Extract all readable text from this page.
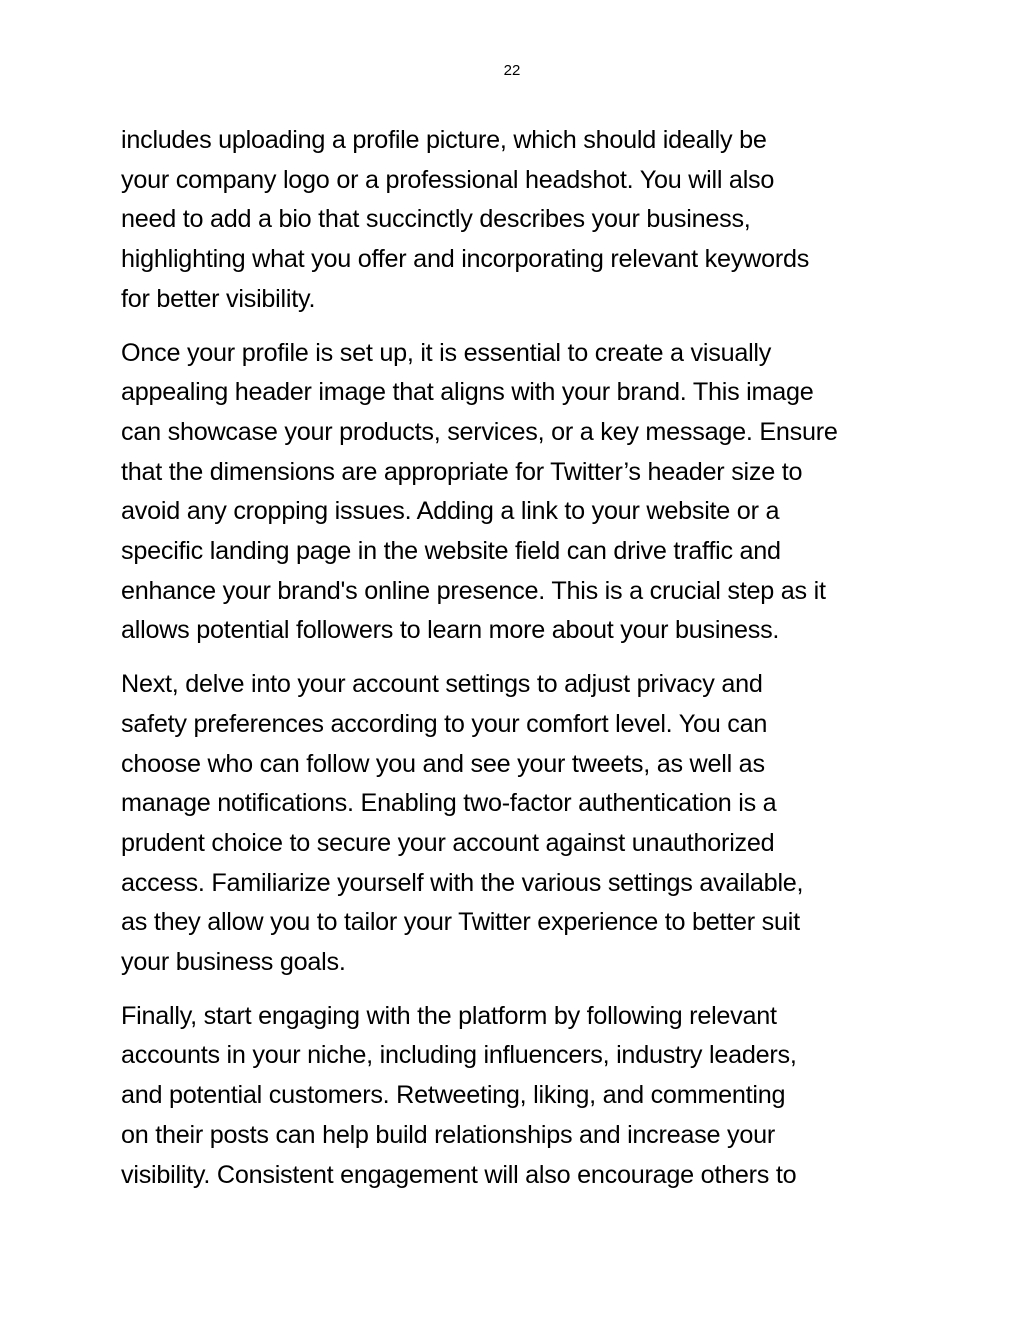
22

includes uploading a profile picture, which should ideally be
your company logo or a professional headshot. You will also
need to add a bio that succinctly describes your business,
highlighting what you offer and incorporating relevant keywords
for better visibility.

Once your profile is set up, it is essential to create a visually
appealing header image that aligns with your brand. This image
can showcase your products, services, or a key message. Ensure
that the dimensions are appropriate for Twitter’s header size to
avoid any cropping issues. Adding a link to your website or a
specific landing page in the website field can drive traffic and
enhance your brand's online presence. This is a crucial step as it
allows potential followers to learn more about your business.

Next, delve into your account settings to adjust privacy and
safety preferences according to your comfort level. You can
choose who can follow you and see your tweets, as well as
manage notifications. Enabling two-factor authentication is a
prudent choice to secure your account against unauthorized
access. Familiarize yourself with the various settings available,
as they allow you to tailor your Twitter experience to better suit
your business goals.

Finally, start engaging with the platform by following relevant
accounts in your niche, including influencers, industry leaders,
and potential customers. Retweeting, liking, and commenting
on their posts can help build relationships and increase your
visibility. Consistent engagement will also encourage others to
